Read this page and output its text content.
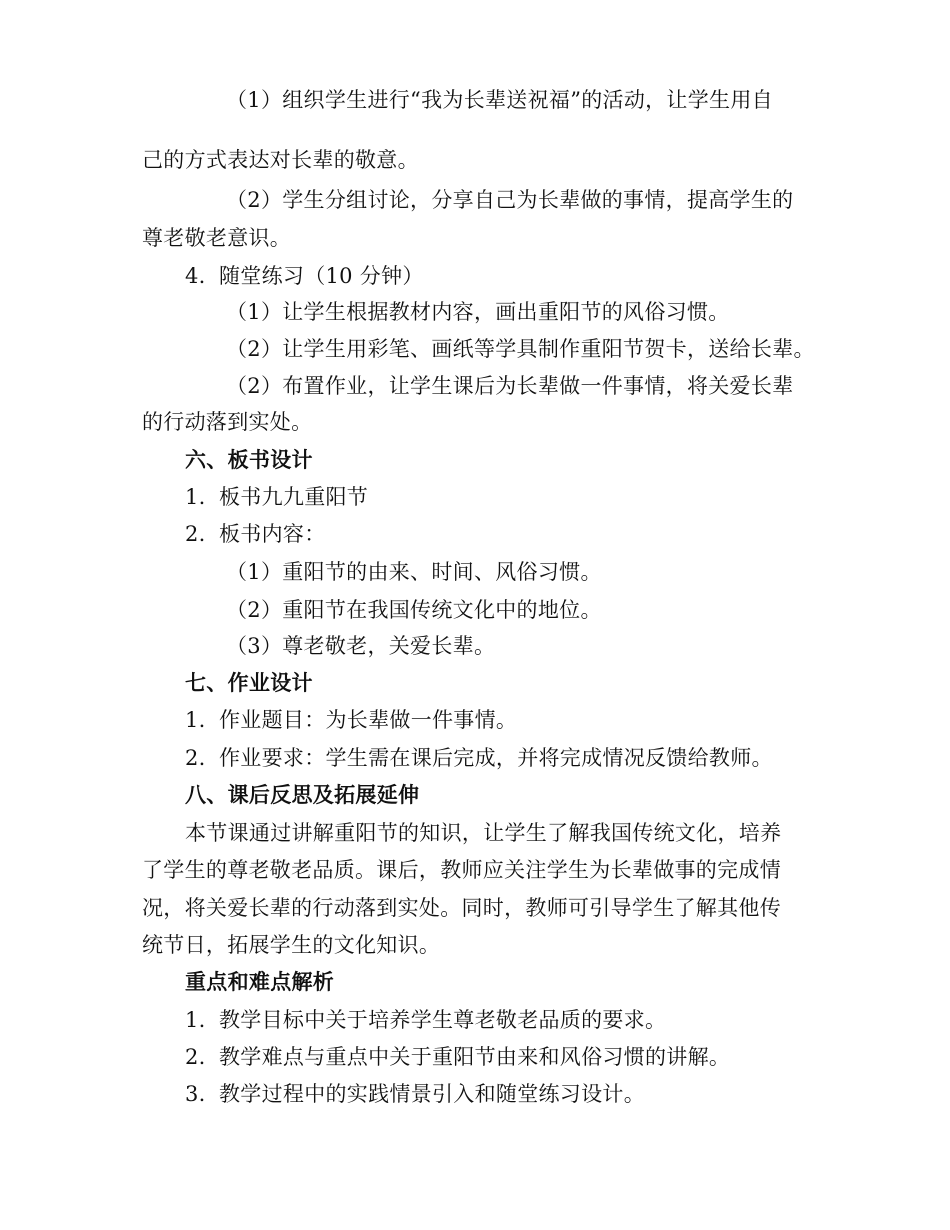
（1）组织学生进行“我为长辈送祝福”的活动，让学生用自
己的方式表达对长辈的敬意。
（2）学生分组讨论，分享自己为长辈做的事情，提高学生的
尊老敬老意识。
4. 随堂练习（10 分钟）
（1）让学生根据教材内容，画出重阳节的风俗习惯。
（2）让学生用彩笔、画纸等学具制作重阳节贺卡，送给长辈。
（2）布置作业，让学生课后为长辈做一件事情，将关爱长辈
的行动落到实处。
六、板书设计
1. 板书九九重阳节
2. 板书内容：
（1）重阳节的由来、时间、风俗习惯。
（2）重阳节在我国传统文化中的地位。
（3）尊老敬老，关爱长辈。
七、作业设计
1. 作业题目：为长辈做一件事情。
2. 作业要求：学生需在课后完成，并将完成情况反馈给教师。
八、课后反思及拓展延伸
本节课通过讲解重阳节的知识，让学生了解我国传统文化，培养
了学生的尊老敬老品质。课后，教师应关注学生为长辈做事的完成情
况，将关爱长辈的行动落到实处。同时，教师可引导学生了解其他传
统节日，拓展学生的文化知识。
重点和难点解析
1. 教学目标中关于培养学生尊老敬老品质的要求。
2. 教学难点与重点中关于重阳节由来和风俗习惯的讲解。
3. 教学过程中的实践情景引入和随堂练习设计。
